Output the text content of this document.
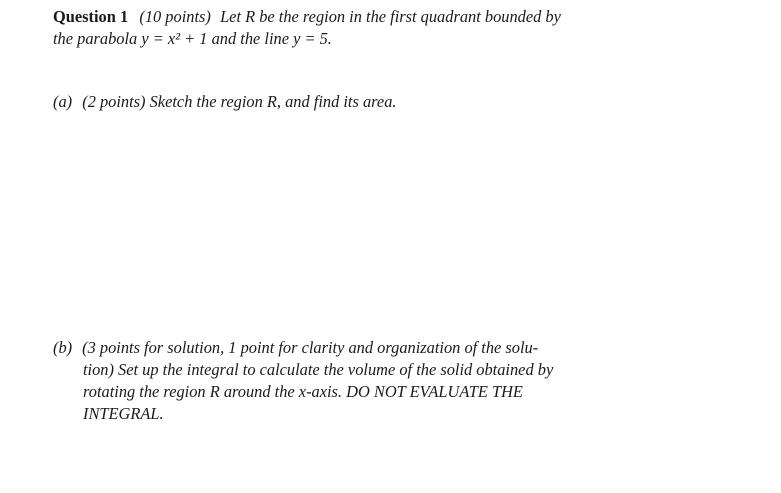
Question 1 (10 points) Let R be the region in the first quadrant bounded by
the parabola y = x² + 1 and the line y = 5.
(a) (2 points) Sketch the region R, and find its area.
(b) (3 points for solution, 1 point for clarity and organization of the solu-
tion) Set up the integral to calculate the volume of the solid obtained by
rotating the region R around the x-axis. DO NOT EVALUATE THE
INTEGRAL.
